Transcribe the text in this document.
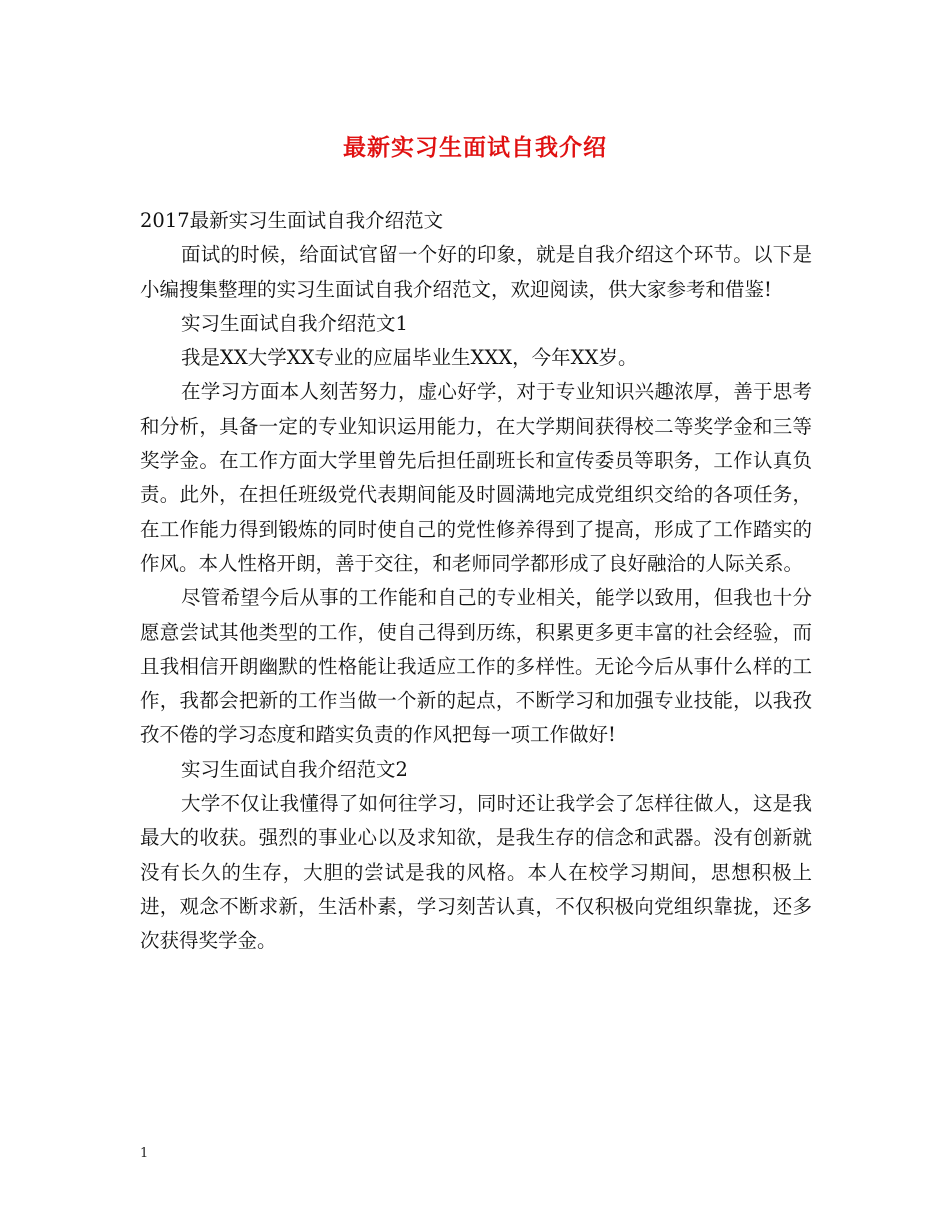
最新实习生面试自我介绍

2017最新实习生面试自我介绍范文

面试的时候，给面试官留一个好的印象，就是自我介绍这个环节。以下是小编搜集整理的实习生面试自我介绍范文，欢迎阅读，供大家参考和借鉴!

实习生面试自我介绍范文1

我是XX大学XX专业的应届毕业生XXX，今年XX岁。

在学习方面本人刻苦努力，虚心好学，对于专业知识兴趣浓厚，善于思考和分析，具备一定的专业知识运用能力，在大学期间获得校二等奖学金和三等奖学金。在工作方面大学里曾先后担任副班长和宣传委员等职务，工作认真负责。此外，在担任班级党代表期间能及时圆满地完成党组织交给的各项任务，在工作能力得到锻炼的同时使自己的党性修养得到了提高，形成了工作踏实的作风。本人性格开朗，善于交往，和老师同学都形成了良好融洽的人际关系。

尽管希望今后从事的工作能和自己的专业相关，能学以致用，但我也十分愿意尝试其他类型的工作，使自己得到历练，积累更多更丰富的社会经验，而且我相信开朗幽默的性格能让我适应工作的多样性。无论今后从事什么样的工作，我都会把新的工作当做一个新的起点，不断学习和加强专业技能，以我孜孜不倦的学习态度和踏实负责的作风把每一项工作做好!

实习生面试自我介绍范文2

大学不仅让我懂得了如何往学习，同时还让我学会了怎样往做人，这是我最大的收获。强烈的事业心以及求知欲，是我生存的信念和武器。没有创新就没有长久的生存，大胆的尝试是我的风格。本人在校学习期间，思想积极上进，观念不断求新，生活朴素，学习刻苦认真，不仅积极向党组织靠拢，还多次获得奖学金。

1
